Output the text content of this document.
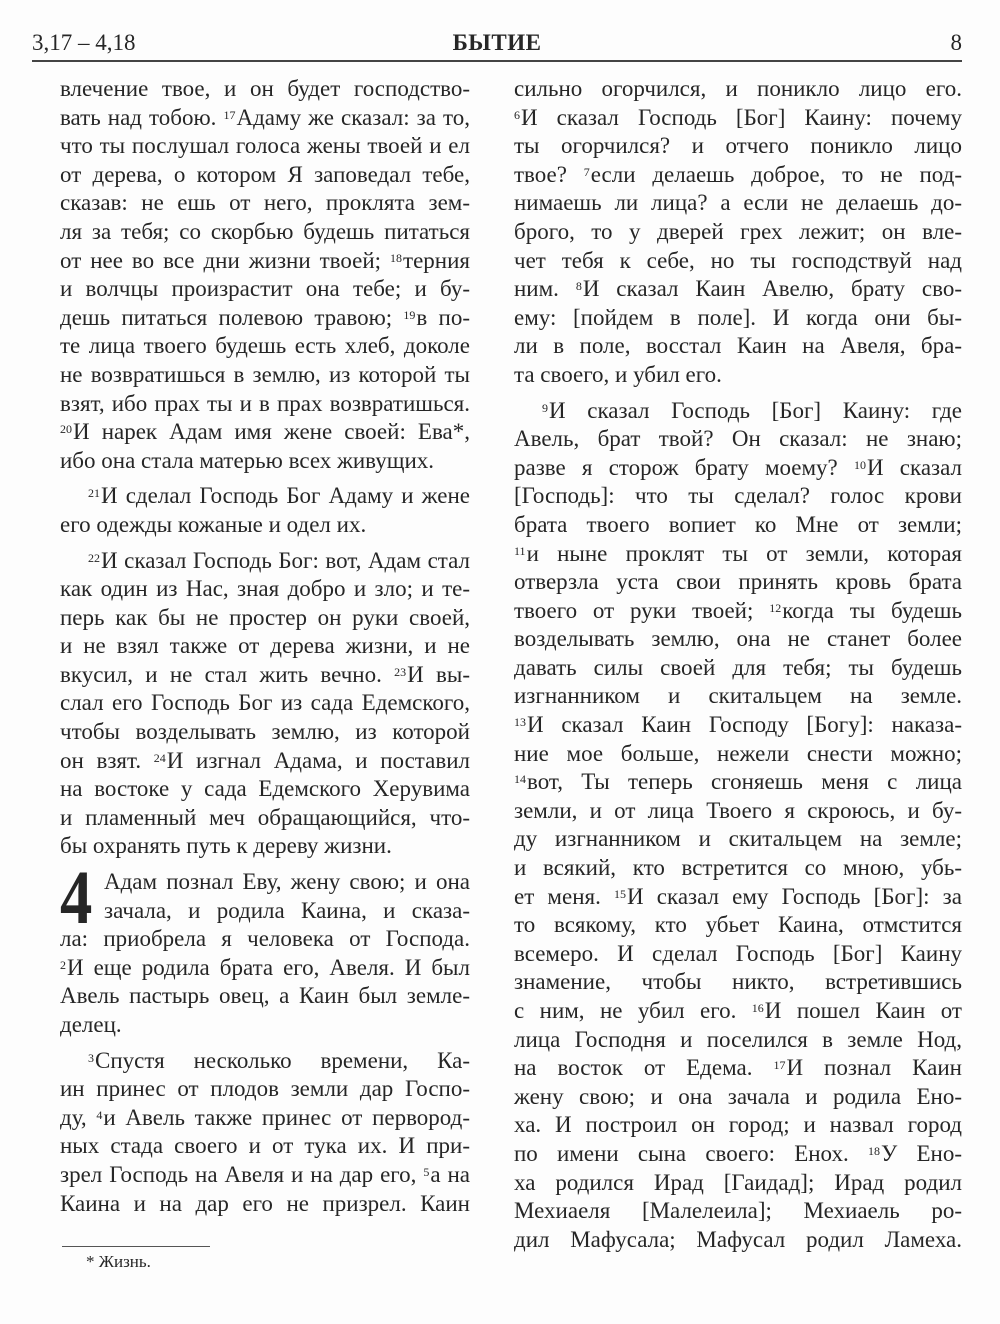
3,17 – 4,18	БЫТИЕ	8
влечение твое, и он будет господство-
вать над тобою. $^{17}$Адаму же сказал: за то,
что ты послушал голоса жены твоей и ел
от дерева, о котором Я заповедал тебе,
сказав: не ешь от него, проклята зем-
ля за тебя; со скорбью будешь питаться
от нее во все дни жизни твоей; $^{18}$терния
и волчцы произрастит она тебе; и бу-
дешь питаться полевою травою; $^{19}$в по-
те лица твоего будешь есть хлеб, доколе
не возвратишься в землю, из которой ты
взят, ибо прах ты и в прах возвратишься.
$^{20}$И нарек Адам имя жене своей: Ева*,
ибо она стала матерью всех живущих.
$^{21}$И сделал Господь Бог Адаму и жене
его одежды кожаные и одел их.
$^{22}$И сказал Господь Бог: вот, Адам стал
как один из Нас, зная добро и зло; и те-
перь как бы не простер он руки своей,
и не взял также от дерева жизни, и не
вкусил, и не стал жить вечно. $^{23}$И вы-
слал его Господь Бог из сада Едемского,
чтобы возделывать землю, из которой
он взят. $^{24}$И изгнал Адама, и поставил
на востоке у сада Едемского Херувима
и пламенный меч обращающийся, что-
бы охранять путь к дереву жизни.
4 Адам познал Еву, жену свою; и она
зачала, и родила Каина, и сказа-
ла: приобрела я человека от Господа.
$^2$И еще родила брата его, Авеля. И был
Авель пастырь овец, а Каин был земле-
делец.
$^3$Спустя несколько времени, Ка-
ин принес от плодов земли дар Госпо-
ду, $^4$и Авель также принес от первород-
ных стада своего и от тука их. И при-
зрел Господь на Авеля и на дар его, $^5$а на
Каина и на дар его не призрел. Каин
сильно огорчился, и поникло лицо его.
$^6$И сказал Господь [Бог] Каину: почему
ты огорчился? и отчего поникло лицо
твое? $^7$если делаешь доброе, то не под-
нимаешь ли лица? а если не делаешь до-
брого, то у дверей грех лежит; он вле-
чет тебя к себе, но ты господствуй над
ним. $^8$И сказал Каин Авелю, брату сво-
ему: [пойдем в поле]. И когда они бы-
ли в поле, восстал Каин на Авеля, бра-
та своего, и убил его.
$^9$И сказал Господь [Бог] Каину: где
Авель, брат твой? Он сказал: не знаю;
разве я сторож брату моему? $^{10}$И сказал
[Господь]: что ты сделал? голос крови
брата твоего вопиет ко Мне от земли;
$^{11}$и ныне проклят ты от земли, которая
отверзла уста свои принять кровь брата
твоего от руки твоей; $^{12}$когда ты будешь
возделывать землю, она не станет более
давать силы своей для тебя; ты будешь
изгнанником и скитальцем на земле.
$^{13}$И сказал Каин Господу [Богу]: наказа-
ние мое больше, нежели снести можно;
$^{14}$вот, Ты теперь сгоняешь меня с лица
земли, и от лица Твоего я скроюсь, и бу-
ду изгнанником и скитальцем на земле;
и всякий, кто встретится со мною, убь-
ет меня. $^{15}$И сказал ему Господь [Бог]: за
то всякому, кто убьет Каина, отмстится
всемеро. И сделал Господь [Бог] Каину
знамение, чтобы никто, встретившись
с ним, не убил его. $^{16}$И пошел Каин от
лица Господня и поселился в земле Нод,
на восток от Едема. $^{17}$И познал Каин
жену свою; и она зачала и родила Ено-
ха. И построил он город; и назвал город
по имени сына своего: Енох. $^{18}$У Ено-
ха родился Ирад [Гаидад]; Ирад родил
Мехиаеля [Малелеила]; Мехиаель ро-
дил Мафусала; Мафусал родил Ламеха.
* Жизнь.
